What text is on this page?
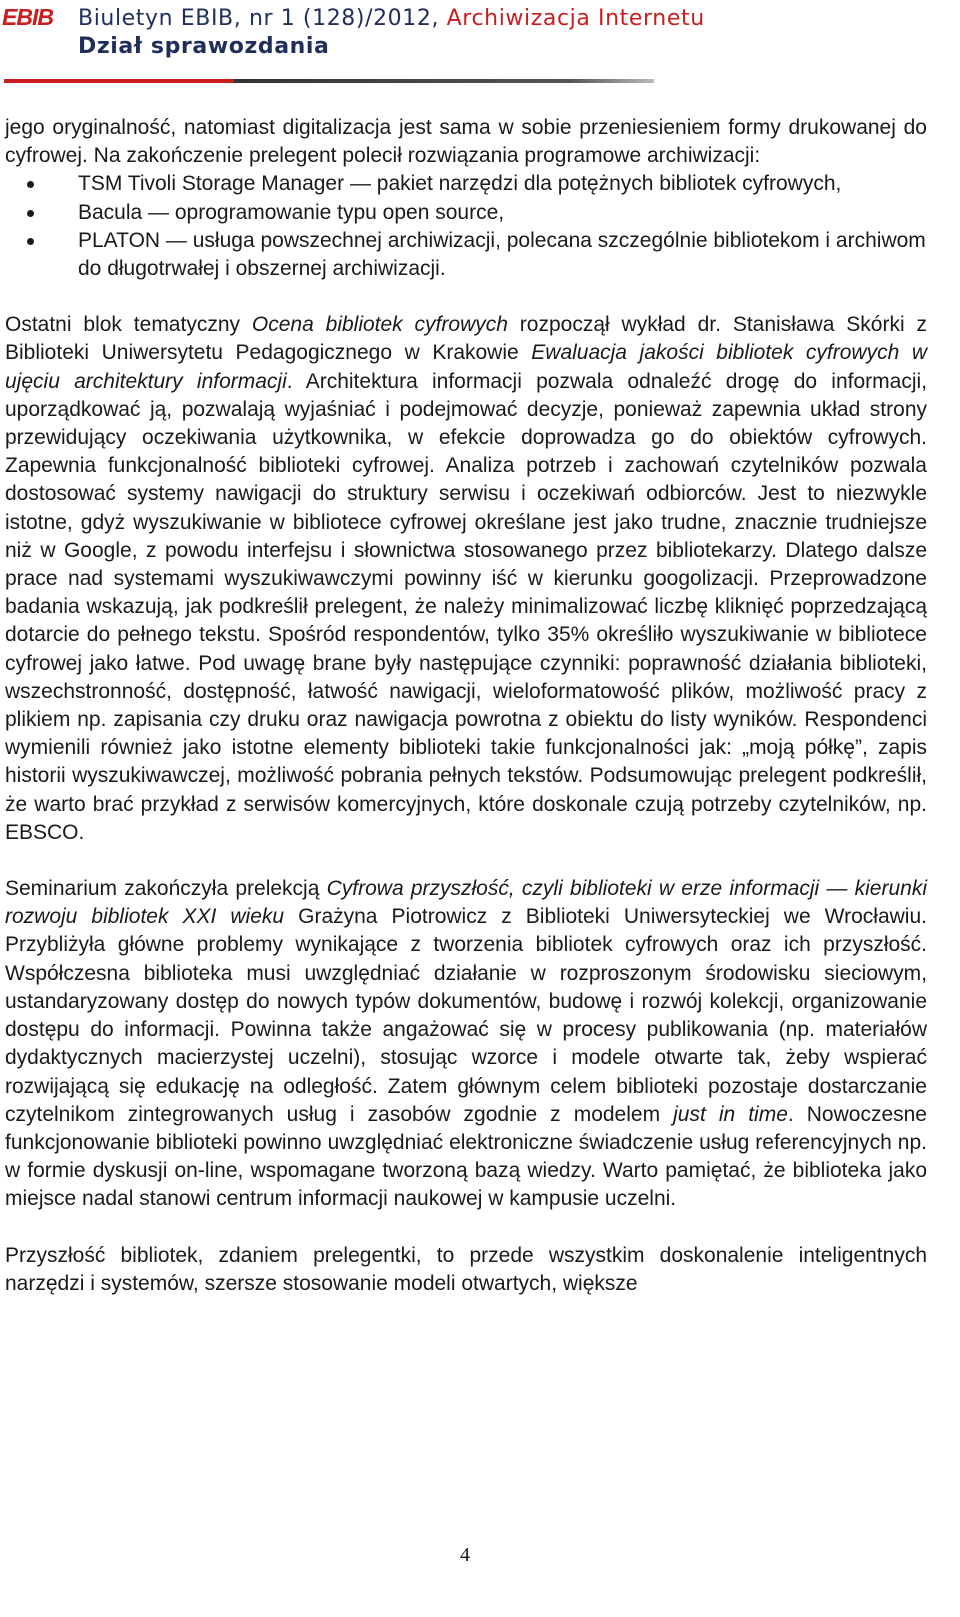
EBIB Biuletyn EBIB, nr 1 (128)/2012, Archiwizacja Internetu
Dział sprawozdania

jego oryginalność, natomiast digitalizacja jest sama w sobie przeniesieniem formy drukowanej do cyfrowej. Na zakończenie prelegent polecił rozwiązania programowe archiwizacji:

TSM Tivoli Storage Manager — pakiet narzędzi dla potężnych bibliotek cyfrowych,
Bacula — oprogramowanie typu open source,
PLATON — usługa powszechnej archiwizacji, polecana szczególnie bibliotekom i archiwom do długotrwałej i obszernej archiwizacji.

Ostatni blok tematyczny Ocena bibliotek cyfrowych rozpoczął wykład dr. Stanisława Skórki z Biblioteki Uniwersytetu Pedagogicznego w Krakowie Ewaluacja jakości bibliotek cyfrowych w ujęciu architektury informacji. Architektura informacji pozwala odnaleźć drogę do informacji, uporządkować ją, pozwalają wyjaśniać i podejmować decyzje, ponieważ zapewnia układ strony przewidujący oczekiwania użytkownika, w efekcie doprowadza go do obiektów cyfrowych. Zapewnia funkcjonalność biblioteki cyfrowej. Analiza potrzeb i zachowań czytelników pozwala dostosować systemy nawigacji do struktury serwisu i oczekiwań odbiorców. Jest to niezwykle istotne, gdyż wyszukiwanie w bibliotece cyfrowej określane jest jako trudne, znacznie trudniejsze niż w Google, z powodu interfejsu i słownictwa stosowanego przez bibliotekarzy. Dlatego dalsze prace nad systemami wyszukiwawczymi powinny iść w kierunku googolizacji. Przeprowadzone badania wskazują, jak podkreślił prelegent, że należy minimalizować liczbę kliknięć poprzedzającą dotarcie do pełnego tekstu. Spośród respondentów, tylko 35% określiło wyszukiwanie w bibliotece cyfrowej jako łatwe. Pod uwagę brane były następujące czynniki: poprawność działania biblioteki, wszechstronność, dostępność, łatwość nawigacji, wieloformatowość plików, możliwość pracy z plikiem np. zapisania czy druku oraz nawigacja powrotna z obiektu do listy wyników. Respondenci wymienili również jako istotne elementy biblioteki takie funkcjonalności jak: „moją półkę”, zapis historii wyszukiwawczej, możliwość pobrania pełnych tekstów. Podsumowując prelegent podkreślił, że warto brać przykład z serwisów komercyjnych, które doskonale czują potrzeby czytelników, np. EBSCO.

Seminarium zakończyła prelekcją Cyfrowa przyszłość, czyli biblioteki w erze informacji — kierunki rozwoju bibliotek XXI wieku Grażyna Piotrowicz z Biblioteki Uniwersyteckiej we Wrocławiu. Przybliżyła główne problemy wynikające z tworzenia bibliotek cyfrowych oraz ich przyszłość. Współczesna biblioteka musi uwzględniać działanie w rozproszonym środowisku sieciowym, ustandaryzowany dostęp do nowych typów dokumentów, budowę i rozwój kolekcji, organizowanie dostępu do informacji. Powinna także angażować się w procesy publikowania (np. materiałów dydaktycznych macierzystej uczelni), stosując wzorce i modele otwarte tak, żeby wspierać rozwijającą się edukację na odległość. Zatem głównym celem biblioteki pozostaje dostarczanie czytelnikom zintegrowanych usług i zasobów zgodnie z modelem just in time. Nowoczesne funkcjonowanie biblioteki powinno uwzględniać elektroniczne świadczenie usług referencyjnych np. w formie dyskusji on-line, wspomagane tworzoną bazą wiedzy. Warto pamiętać, że biblioteka jako miejsce nadal stanowi centrum informacji naukowej w kampusie uczelni.

Przyszłość bibliotek, zdaniem prelegentki, to przede wszystkim doskonalenie inteligentnych narzędzi i systemów, szersze stosowanie modeli otwartych, większe

4
